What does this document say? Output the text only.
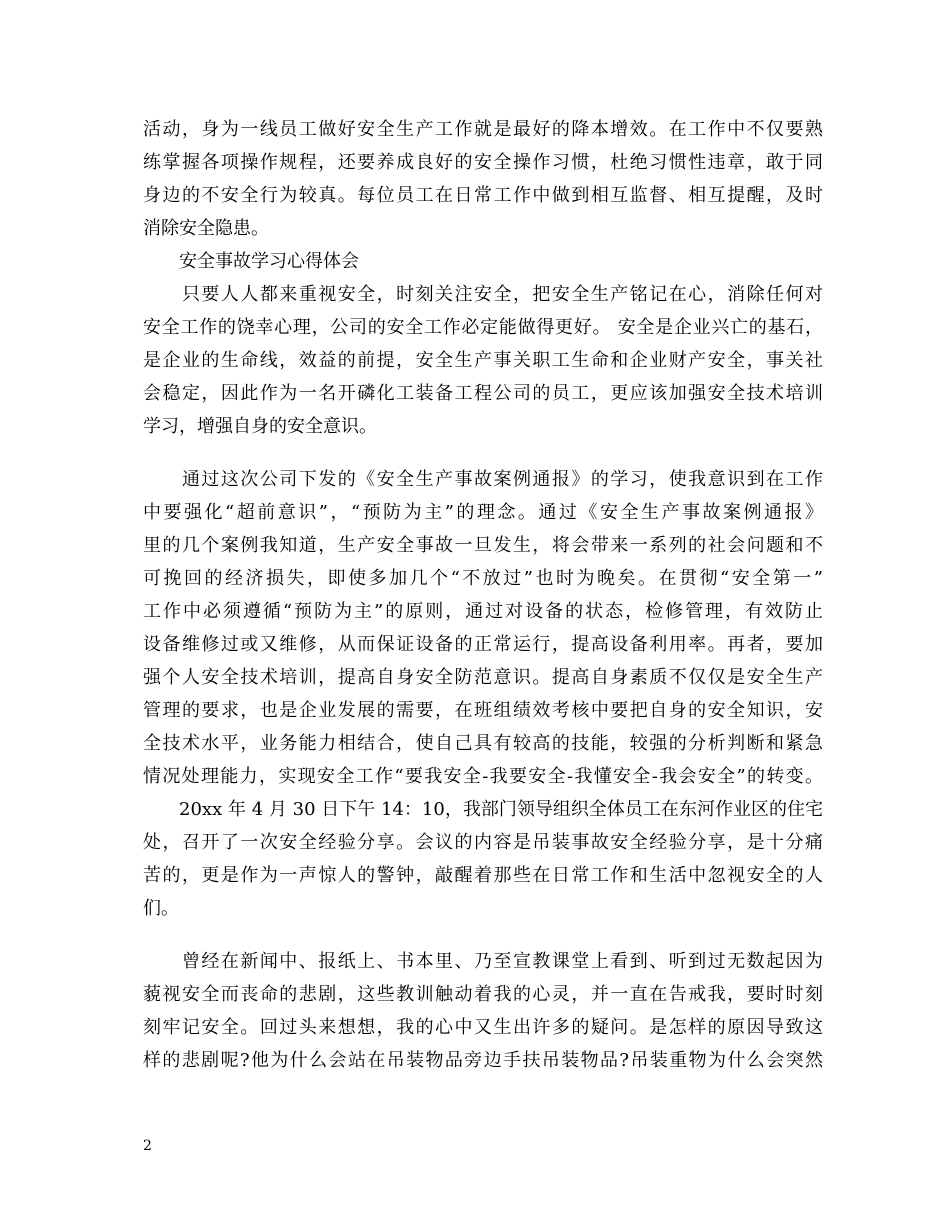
活动，身为一线员工做好安全生产工作就是最好的降本增效。在工作中不仅要熟
练掌握各项操作规程，还要养成良好的安全操作习惯，杜绝习惯性违章，敢于同
身边的不安全行为较真。每位员工在日常工作中做到相互监督、相互提醒，及时
消除安全隐患。
　　安全事故学习心得体会
　　只要人人都来重视安全，时刻关注安全，把安全生产铭记在心，消除任何对
安全工作的饶幸心理，公司的安全工作必定能做得更好。 安全是企业兴亡的基石，
是企业的生命线，效益的前提，安全生产事关职工生命和企业财产安全，事关社
会稳定，因此作为一名开磷化工装备工程公司的员工，更应该加强安全技术培训
学习，增强自身的安全意识。
　　通过这次公司下发的《安全生产事故案例通报》的学习，使我意识到在工作
中要强化“超前意识”，“预防为主”的理念。通过《安全生产事故案例通报》
里的几个案例我知道，生产安全事故一旦发生，将会带来一系列的社会问题和不
可挽回的经济损失，即使多加几个“不放过”也时为晚矣。在贯彻“安全第一”
工作中必须遵循“预防为主”的原则，通过对设备的状态，检修管理，有效防止
设备维修过或又维修，从而保证设备的正常运行，提高设备利用率。再者，要加
强个人安全技术培训，提高自身安全防范意识。提高自身素质不仅仅是安全生产
管理的要求，也是企业发展的需要，在班组绩效考核中要把自身的安全知识，安
全技术水平，业务能力相结合，使自己具有较高的技能，较强的分析判断和紧急
情况处理能力，实现安全工作“要我安全-我要安全-我懂安全-我会安全”的转变。
　　20xx 年 4 月 30 日下午 14：10，我部门领导组织全体员工在东河作业区的住宅
处，召开了一次安全经验分享。会议的内容是吊装事故安全经验分享，是十分痛
苦的，更是作为一声惊人的警钟，敲醒着那些在日常工作和生活中忽视安全的人
们。
　　曾经在新闻中、报纸上、书本里、乃至宣教课堂上看到、听到过无数起因为
藐视安全而丧命的悲剧，这些教训触动着我的心灵，并一直在告戒我，要时时刻
刻牢记安全。回过头来想想，我的心中又生出许多的疑问。是怎样的原因导致这
样的悲剧呢?他为什么会站在吊装物品旁边手扶吊装物品?吊装重物为什么会突然
2
